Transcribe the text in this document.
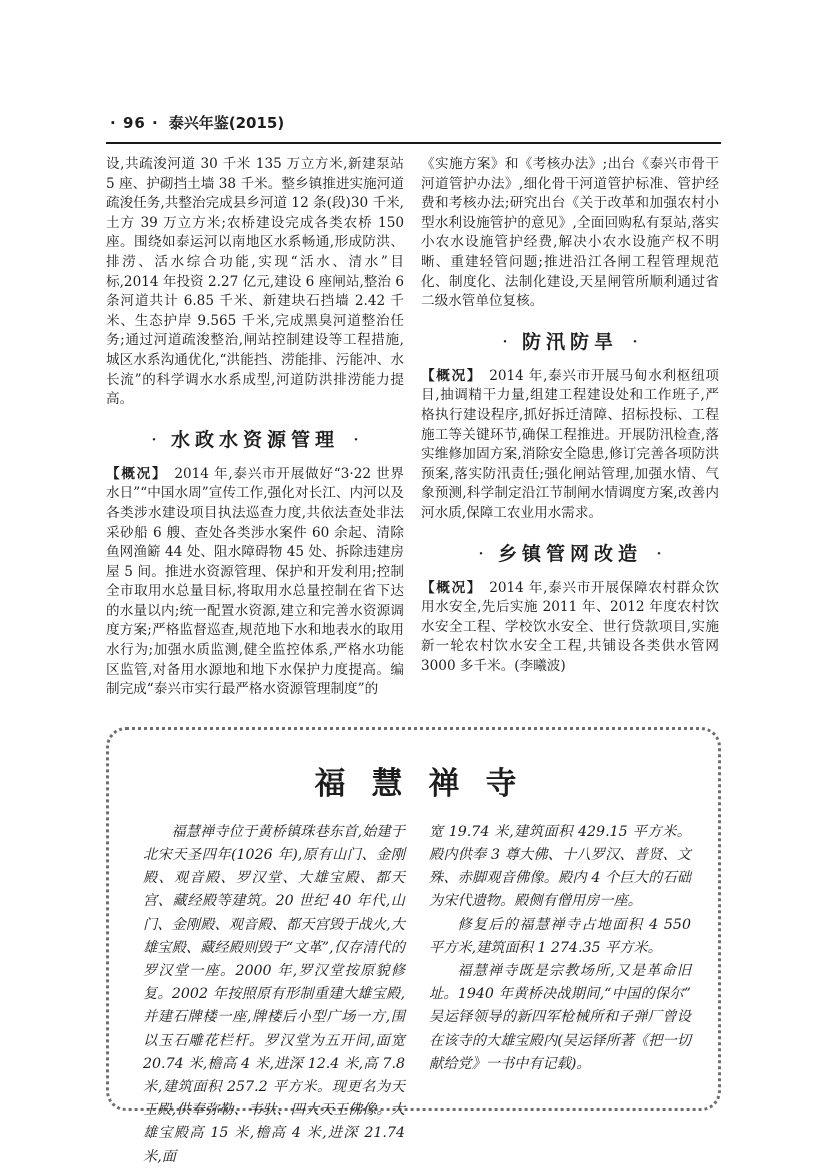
· 96 · 泰兴年鉴(2015)

设,共疏浚河道 30 千米 135 万立方米,新建泵站 5 座、护砌挡土墙 38 千米。整乡镇推进实施河道疏浚任务,共整治完成县乡河道 12 条(段)30 千米,土方 39 万立方米;农桥建设完成各类农桥 150 座。围绕如泰运河以南地区水系畅通,形成防洪、排涝、活水综合功能,实现“活水、清水”目标,2014 年投资 2.27 亿元,建设 6 座闸站,整治 6 条河道共计 6.85 千米、新建块石挡墙 2.42 千米、生态护岸 9.565 千米,完成黑臭河道整治任务;通过河道疏浚整治,闸站控制建设等工程措施,城区水系沟通优化,“洪能挡、涝能排、污能冲、水长流”的科学调水水系成型,河道防洪排涝能力提高。

· 水政水资源管理 ·

【概况】 2014 年,泰兴市开展做好“3·22 世界水日”“中国水周”宣传工作,强化对长江、内河以及各类涉水建设项目执法巡查力度,共依法查处非法采砂船 6 艘、查处各类涉水案件 60 余起、清除鱼网渔簖 44 处、阻水障碍物 45 处、拆除违建房屋 5 间。推进水资源管理、保护和开发利用;控制全市取用水总量目标,将取用水总量控制在省下达的水量以内;统一配置水资源,建立和完善水资源调度方案;严格监督巡查,规范地下水和地表水的取用水行为;加强水质监测,健全监控体系,严格水功能区监管,对备用水源地和地下水保护力度提高。编制完成“泰兴市实行最严格水资源管理制度”的

《实施方案》和《考核办法》;出台《泰兴市骨干河道管护办法》,细化骨干河道管护标准、管护经费和考核办法;研究出台《关于改革和加强农村小型水利设施管护的意见》,全面回购私有泵站,落实小农水设施管护经费,解决小农水设施产权不明晰、重建轻管问题;推进沿江各闸工程管理规范化、制度化、法制化建设,天星闸管所顺利通过省二级水管单位复核。

· 防汛防旱 ·

【概况】 2014 年,泰兴市开展马甸水利枢纽项目,抽调精干力量,组建工程建设处和工作班子,严格执行建设程序,抓好拆迁清障、招标投标、工程施工等关键环节,确保工程推进。开展防汛检查,落实维修加固方案,消除安全隐患,修订完善各项防洪预案,落实防汛责任;强化闸站管理,加强水情、气象预测,科学制定沿江节制闸水情调度方案,改善内河水质,保障工农业用水需求。

· 乡镇管网改造 ·

【概况】 2014 年,泰兴市开展保障农村群众饮用水安全,先后实施 2011 年、2012 年度农村饮水安全工程、学校饮水安全、世行贷款项目,实施新一轮农村饮水安全工程,共铺设各类供水管网 3000 多千米。(李曦波)

福慧禅寺

福慧禅寺位于黄桥镇珠巷东首,始建于北宋天圣四年(1026 年),原有山门、金刚殿、观音殿、罗汉堂、大雄宝殿、都天宫、藏经殿等建筑。20 世纪 40 年代,山门、金刚殿、观音殿、都天宫毁于战火,大雄宝殿、藏经殿则毁于“文革”,仅存清代的罗汉堂一座。2000 年,罗汉堂按原貌修复。2002 年按照原有形制重建大雄宝殿,并建石牌楼一座,牌楼后小型广场一方,围以玉石雕花栏杆。罗汉堂为五开间,面宽 20.74 米,檐高 4 米,进深 12.4 米,高 7.8 米,建筑面积 257.2 平方米。现更名为天王殿,供奉弥勒、韦驮、四大天王佛像。大雄宝殿高 15 米,檐高 4 米,进深 21.74 米,面

宽 19.74 米,建筑面积 429.15 平方米。殿内供奉 3 尊大佛、十八罗汉、普贤、文殊、赤脚观音佛像。殿内 4 个巨大的石础为宋代遗物。殿侧有僧用房一座。

修复后的福慧禅寺占地面积 4 550 平方米,建筑面积 1 274.35 平方米。

福慧禅寺既是宗教场所,又是革命旧址。1940 年黄桥决战期间,“中国的保尔”吴运铎领导的新四军枪械所和子弹厂曾设在该寺的大雄宝殿内(吴运铎所著《把一切献给党》一书中有记载)。
